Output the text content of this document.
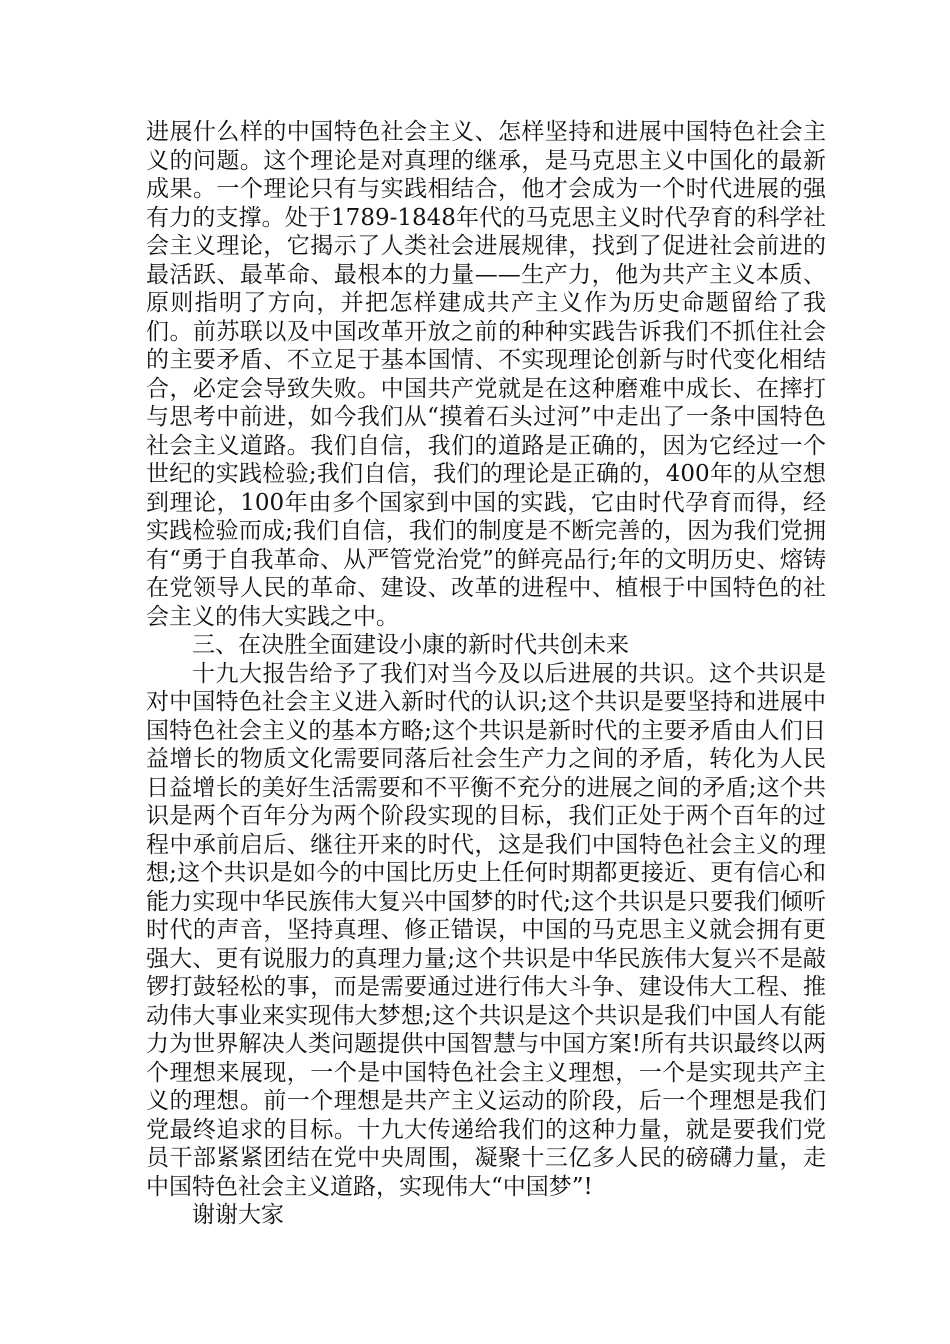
进展什么样的中国特色社会主义、怎样坚持和进展中国特色社会主义的问题。这个理论是对真理的继承，是马克思主义中国化的最新成果。一个理论只有与实践相结合，他才会成为一个时代进展的强有力的支撑。处于1789-1848年代的马克思主义时代孕育的科学社会主义理论，它揭示了人类社会进展规律，找到了促进社会前进的最活跃、最革命、最根本的力量——生产力，他为共产主义本质、原则指明了方向，并把怎样建成共产主义作为历史命题留给了我们。前苏联以及中国改革开放之前的种种实践告诉我们不抓住社会的主要矛盾、不立足于基本国情、不实现理论创新与时代变化相结合，必定会导致失败。中国共产党就是在这种磨难中成长、在摔打与思考中前进，如今我们从“摸着石头过河”中走出了一条中国特色社会主义道路。我们自信，我们的道路是正确的，因为它经过一个世纪的实践检验;我们自信，我们的理论是正确的，400年的从空想到理论，100年由多个国家到中国的实践，它由时代孕育而得，经实践检验而成;我们自信，我们的制度是不断完善的，因为我们党拥有“勇于自我革命、从严管党治党”的鲜亮品行;年的文明历史、熔铸在党领导人民的革命、建设、改革的进程中、植根于中国特色的社会主义的伟大实践之中。

三、在决胜全面建设小康的新时代共创未来

十九大报告给予了我们对当今及以后进展的共识。这个共识是对中国特色社会主义进入新时代的认识;这个共识是要坚持和进展中国特色社会主义的基本方略;这个共识是新时代的主要矛盾由人们日益增长的物质文化需要同落后社会生产力之间的矛盾，转化为人民日益增长的美好生活需要和不平衡不充分的进展之间的矛盾;这个共识是两个百年分为两个阶段实现的目标，我们正处于两个百年的过程中承前启后、继往开来的时代，这是我们中国特色社会主义的理想;这个共识是如今的中国比历史上任何时期都更接近、更有信心和能力实现中华民族伟大复兴中国梦的时代;这个共识是只要我们倾听时代的声音，坚持真理、修正错误，中国的马克思主义就会拥有更强大、更有说服力的真理力量;这个共识是中华民族伟大复兴不是敲锣打鼓轻松的事，而是需要通过进行伟大斗争、建设伟大工程、推动伟大事业来实现伟大梦想;这个共识是这个共识是我们中国人有能力为世界解决人类问题提供中国智慧与中国方案!所有共识最终以两个理想来展现，一个是中国特色社会主义理想，一个是实现共产主义的理想。前一个理想是共产主义运动的阶段，后一个理想是我们党最终追求的目标。十九大传递给我们的这种力量，就是要我们党员干部紧紧团结在党中央周围，凝聚十三亿多人民的磅礴力量，走中国特色社会主义道路，实现伟大“中国梦”!

谢谢大家
